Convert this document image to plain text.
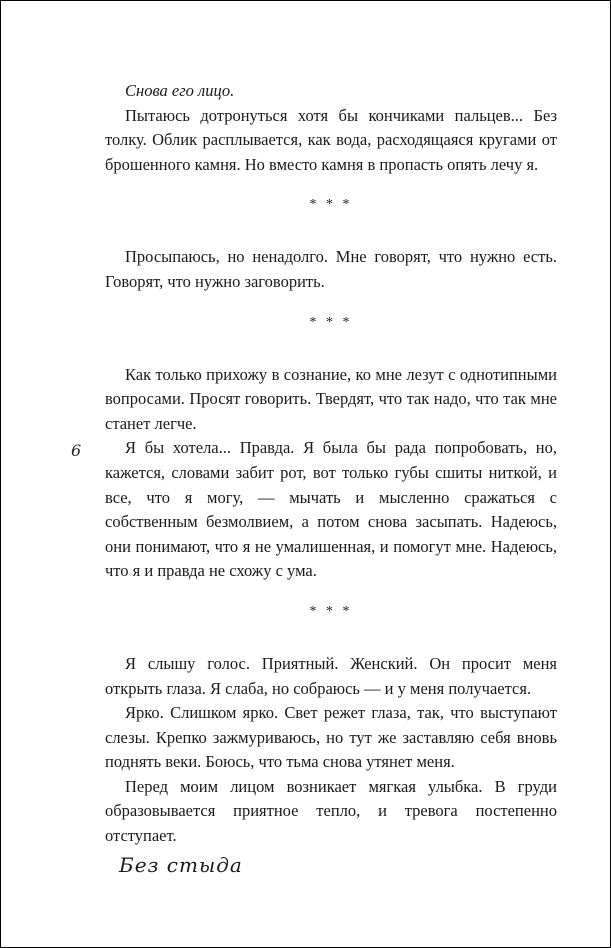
Снова его лицо.

Пытаюсь дотронуться хотя бы кончиками пальцев... Без толку. Облик расплывается, как вода, расходящаяся кругами от брошенного камня. Но вместо камня в пропасть опять лечу я.

* * *

Просыпаюсь, но ненадолго. Мне говорят, что нужно есть. Говорят, что нужно заговорить.

* * *

Как только прихожу в сознание, ко мне лезут с однотипными вопросами. Просят говорить. Твердят, что так надо, что так мне станет легче.

Я бы хотела... Правда. Я была бы рада попробовать, но, кажется, словами забит рот, вот только губы сшиты ниткой, и все, что я могу, — мычать и мысленно сражаться с собственным безмолвием, а потом снова засыпать. Надеюсь, они понимают, что я не умалишенная, и помогут мне. Надеюсь, что я и правда не схожу с ума.

* * *

Я слышу голос. Приятный. Женский. Он просит меня открыть глаза. Я слаба, но собраюсь — и у меня получается.

Ярко. Слишком ярко. Свет режет глаза, так, что выступают слезы. Крепко зажмуриваюсь, но тут же заставляю себя вновь поднять веки. Боюсь, что тьма снова утянет меня.

Перед моим лицом возникает мягкая улыбка. В груди образовывается приятное тепло, и тревога постепенно отступает.

6
Без стыда
